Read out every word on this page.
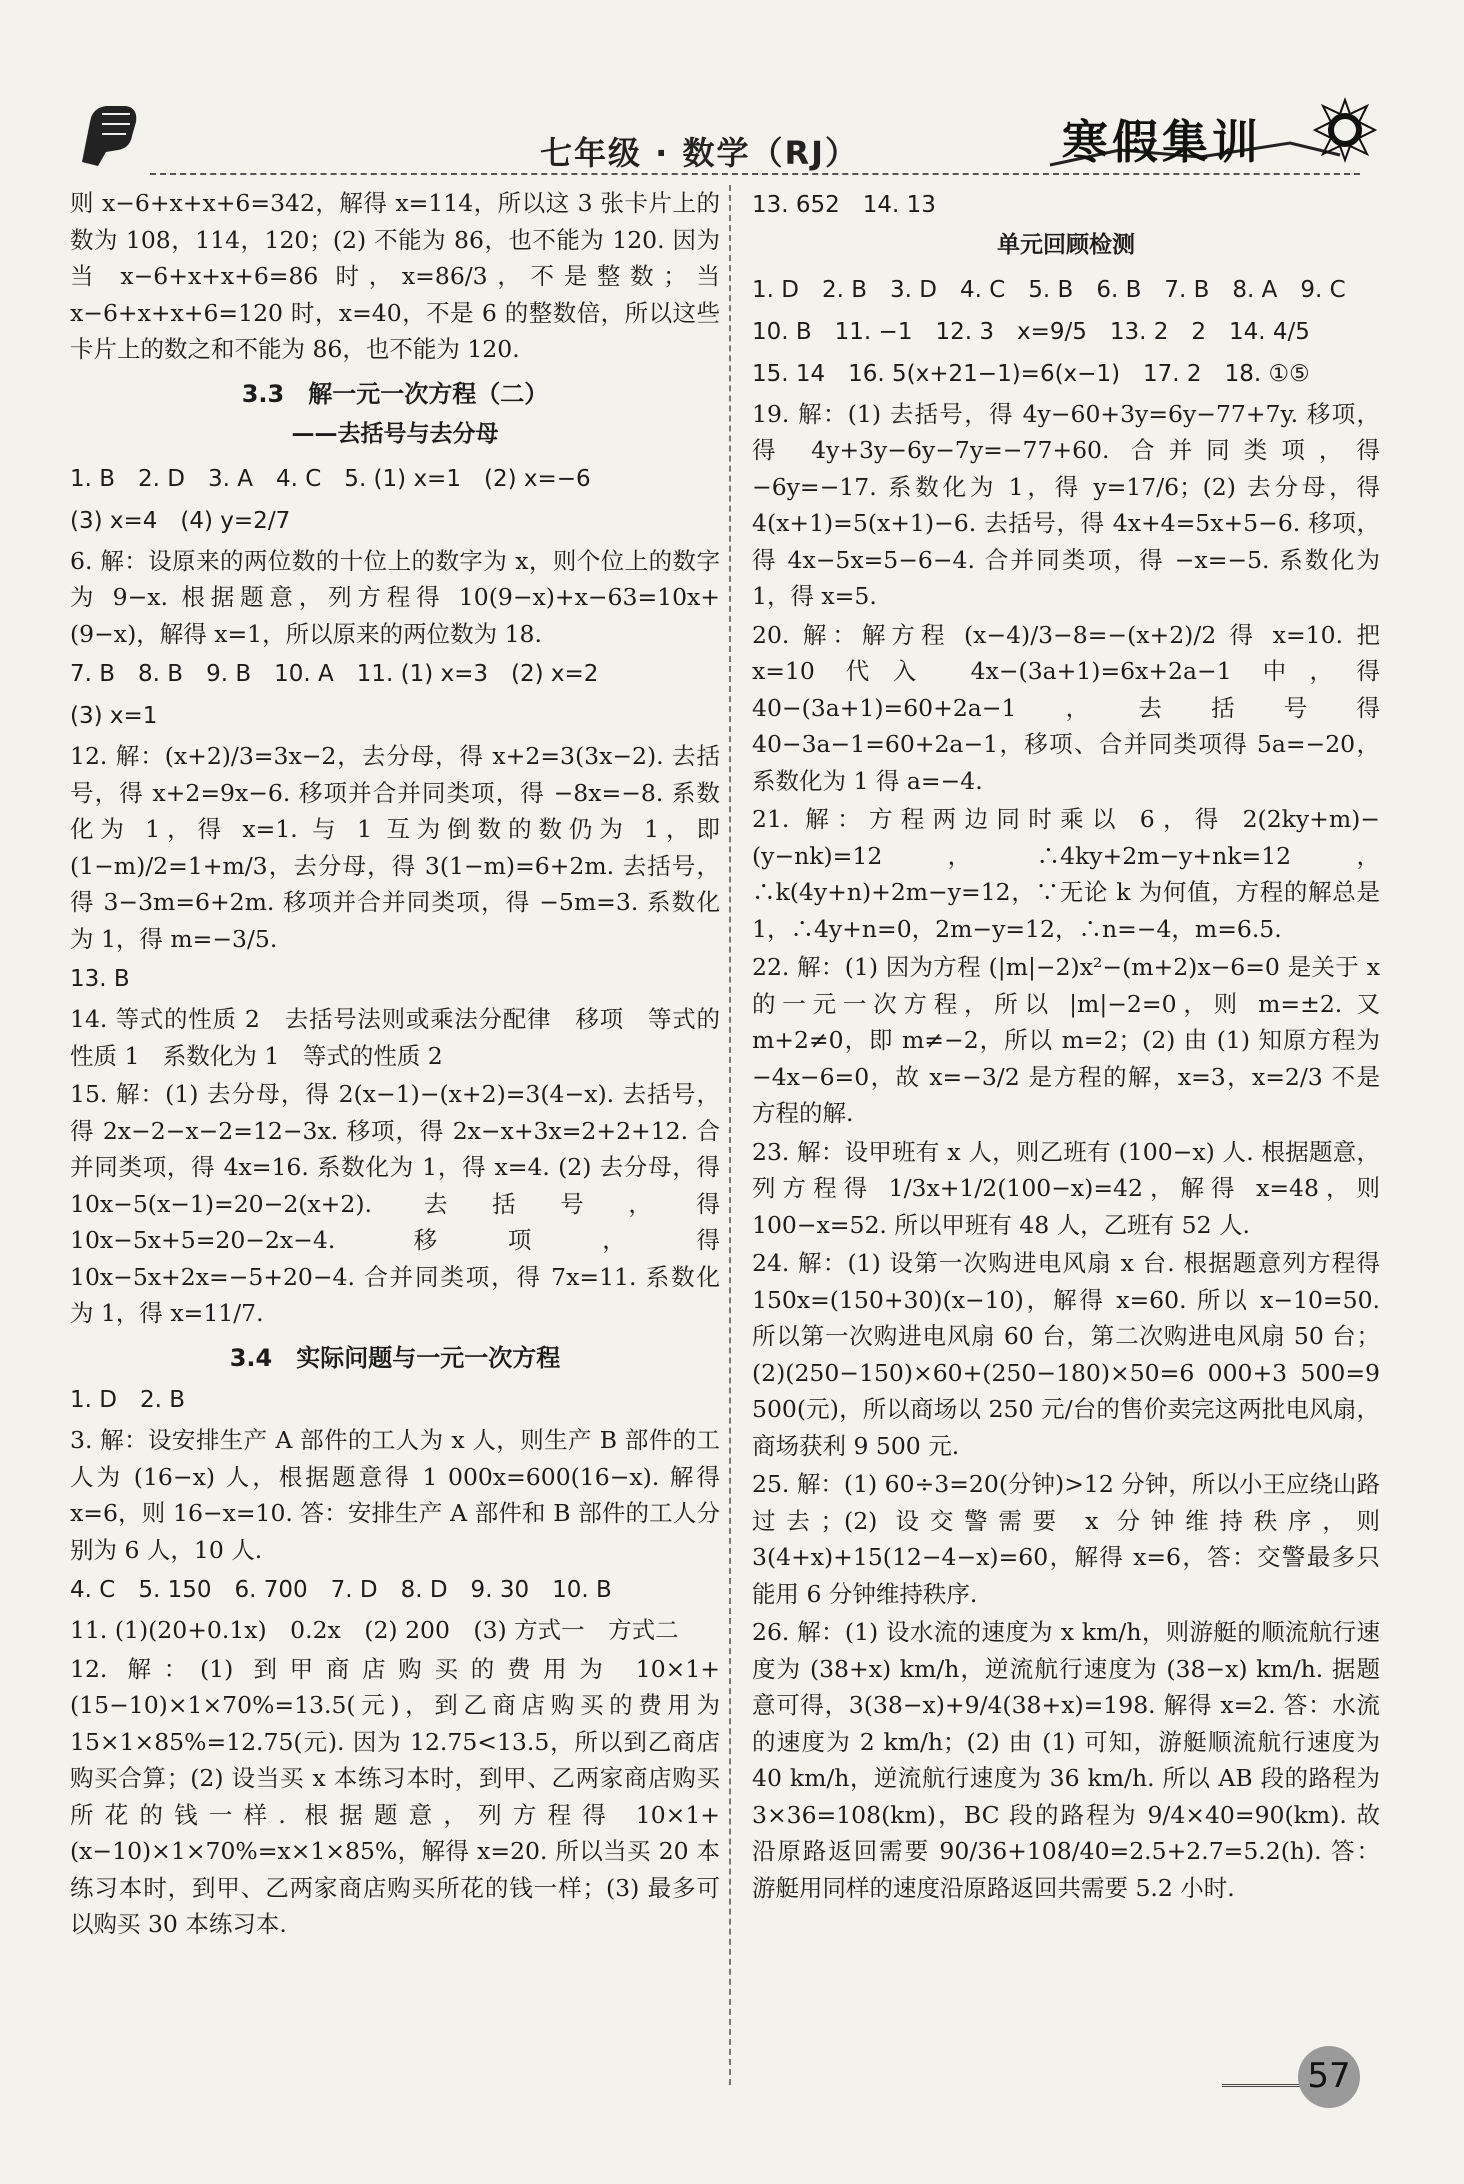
七年级 · 数学（RJ）	寒假集训

则 x−6+x+x+6=342，解得 x=114，所以这 3 张卡片上的数为 108，114，120；(2) 不能为 86，也不能为 120. 因为当 x−6+x+x+6=86 时，x=86/3，不是整数；当 x−6+x+x+6=120 时，x=40，不是 6 的整数倍，所以这些卡片上的数之和不能为 86，也不能为 120.

3.3　解一元一次方程（二）
——去括号与去分母

1. B　2. D　3. A　4. C　5. (1) x=1　(2) x=−6

(3) x=4　(4) y=2/7

6. 解：设原来的两位数的十位上的数字为 x，则个位上的数字为 9−x. 根据题意，列方程得 10(9−x)+x−63=10x+(9−x)，解得 x=1，所以原来的两位数为 18.

7. B　8. B　9. B　10. A　11. (1) x=3　(2) x=2

(3) x=1

12. 解：(x+2)/3=3x−2，去分母，得 x+2=3(3x−2). 去括号，得 x+2=9x−6. 移项并合并同类项，得 −8x=−8. 系数化为 1，得 x=1. 与 1 互为倒数的数仍为 1，即 (1−m)/2=1+m/3，去分母，得 3(1−m)=6+2m. 去括号，得 3−3m=6+2m. 移项并合并同类项，得 −5m=3. 系数化为 1，得 m=−3/5.

13. B

14. 等式的性质 2　去括号法则或乘法分配律　移项　等式的性质 1　系数化为 1　等式的性质 2

15. 解：(1) 去分母，得 2(x−1)−(x+2)=3(4−x). 去括号，得 2x−2−x−2=12−3x. 移项，得 2x−x+3x=2+2+12. 合并同类项，得 4x=16. 系数化为 1，得 x=4. (2) 去分母，得 10x−5(x−1)=20−2(x+2). 去括号，得 10x−5x+5=20−2x−4. 移项，得 10x−5x+2x=−5+20−4. 合并同类项，得 7x=11. 系数化为 1，得 x=11/7.

3.4　实际问题与一元一次方程

1. D　2. B

3. 解：设安排生产 A 部件的工人为 x 人，则生产 B 部件的工人为 (16−x) 人，根据题意得 1 000x=600(16−x). 解得 x=6，则 16−x=10. 答：安排生产 A 部件和 B 部件的工人分别为 6 人，10 人.

4. C　5. 150　6. 700　7. D　8. D　9. 30　10. B

11. (1)(20+0.1x)　0.2x　(2) 200　(3) 方式一　方式二

12. 解：(1) 到甲商店购买的费用为 10×1+(15−10)×1×70%=13.5(元)，到乙商店购买的费用为 15×1×85%=12.75(元). 因为 12.75<13.5，所以到乙商店购买合算；(2) 设当买 x 本练习本时，到甲、乙两家商店购买所花的钱一样. 根据题意，列方程得 10×1+(x−10)×1×70%=x×1×85%，解得 x=20. 所以当买 20 本练习本时，到甲、乙两家商店购买所花的钱一样；(3) 最多可以购买 30 本练习本.

13. 652　14. 13

单元回顾检测

1. D　2. B　3. D　4. C　5. B　6. B　7. B　8. A　9. C

10. B　11. −1　12. 3　x=9/5　13. 2　2　14. 4/5

15. 14　16. 5(x+21−1)=6(x−1)　17. 2　18. ①⑤

19. 解：(1) 去括号，得 4y−60+3y=6y−77+7y. 移项，得 4y+3y−6y−7y=−77+60. 合并同类项，得 −6y=−17. 系数化为 1，得 y=17/6；(2) 去分母，得 4(x+1)=5(x+1)−6. 去括号，得 4x+4=5x+5−6. 移项，得 4x−5x=5−6−4. 合并同类项，得 −x=−5. 系数化为 1，得 x=5.

20. 解：解方程 (x−4)/3−8=−(x+2)/2 得 x=10. 把 x=10 代入 4x−(3a+1)=6x+2a−1 中，得 40−(3a+1)=60+2a−1，去括号得 40−3a−1=60+2a−1，移项、合并同类项得 5a=−20，系数化为 1 得 a=−4.

21. 解：方程两边同时乘以 6，得 2(2ky+m)−(y−nk)=12，∴4ky+2m−y+nk=12，∴k(4y+n)+2m−y=12，∵无论 k 为何值，方程的解总是 1，∴4y+n=0，2m−y=12，∴n=−4，m=6.5.

22. 解：(1) 因为方程 (|m|−2)x²−(m+2)x−6=0 是关于 x 的一元一次方程，所以 |m|−2=0，则 m=±2. 又 m+2≠0，即 m≠−2，所以 m=2；(2) 由 (1) 知原方程为 −4x−6=0，故 x=−3/2 是方程的解，x=3，x=2/3 不是方程的解.

23. 解：设甲班有 x 人，则乙班有 (100−x) 人. 根据题意，列方程得 1/3x+1/2(100−x)=42，解得 x=48，则 100−x=52. 所以甲班有 48 人，乙班有 52 人.

24. 解：(1) 设第一次购进电风扇 x 台. 根据题意列方程得 150x=(150+30)(x−10)，解得 x=60. 所以 x−10=50. 所以第一次购进电风扇 60 台，第二次购进电风扇 50 台；(2)(250−150)×60+(250−180)×50=6 000+3 500=9 500(元)，所以商场以 250 元/台的售价卖完这两批电风扇，商场获利 9 500 元.

25. 解：(1) 60÷3=20(分钟)>12 分钟，所以小王应绕山路过去；(2) 设交警需要 x 分钟维持秩序，则 3(4+x)+15(12−4−x)=60，解得 x=6，答：交警最多只能用 6 分钟维持秩序.

26. 解：(1) 设水流的速度为 x km/h，则游艇的顺流航行速度为 (38+x) km/h，逆流航行速度为 (38−x) km/h. 据题意可得，3(38−x)+9/4(38+x)=198. 解得 x=2. 答：水流的速度为 2 km/h；(2) 由 (1) 可知，游艇顺流航行速度为 40 km/h，逆流航行速度为 36 km/h. 所以 AB 段的路程为 3×36=108(km)，BC 段的路程为 9/4×40=90(km). 故沿原路返回需要 90/36+108/40=2.5+2.7=5.2(h). 答：游艇用同样的速度沿原路返回共需要 5.2 小时.

57
